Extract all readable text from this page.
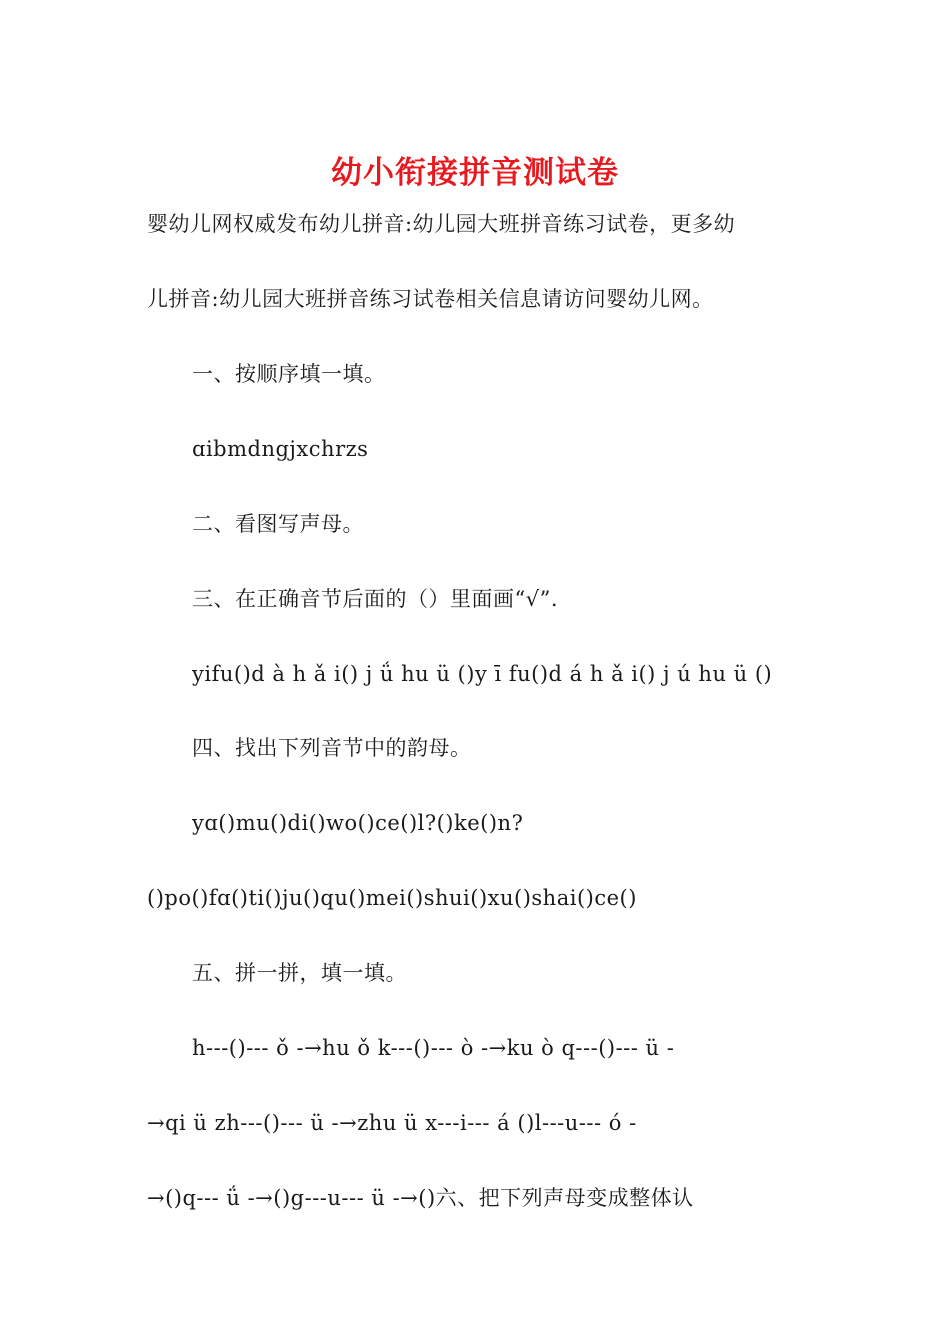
幼小衔接拼音测试卷
婴幼儿网权威发布幼儿拼音:幼儿园大班拼音练习试卷，更多幼
儿拼音:幼儿园大班拼音练习试卷相关信息请访问婴幼儿网。
一、按顺序填一填。
ɑibmdngjxchrzs
二、看图写声母。
三、在正确音节后面的（）里面画“√”.
yifu()d à h ǎ i() j ǘ hu ü ()y ī fu()d á h ǎ i() j ú hu ü ()
四、找出下列音节中的韵母。
yɑ()mu()di()wo()ce()l?()ke()n?
()po()fɑ()ti()ju()qu()mei()shui()xu()shai()ce()
五、拼一拼，填一填。
h---()--- ǒ -→hu ǒ k---()--- ò -→ku ò q---()--- ü -
→qi ü zh---()--- ü -→zhu ü x---i--- á ()l---u--- ó -
→()q--- ǘ -→()g---u--- ü -→()六、把下列声母变成整体认
